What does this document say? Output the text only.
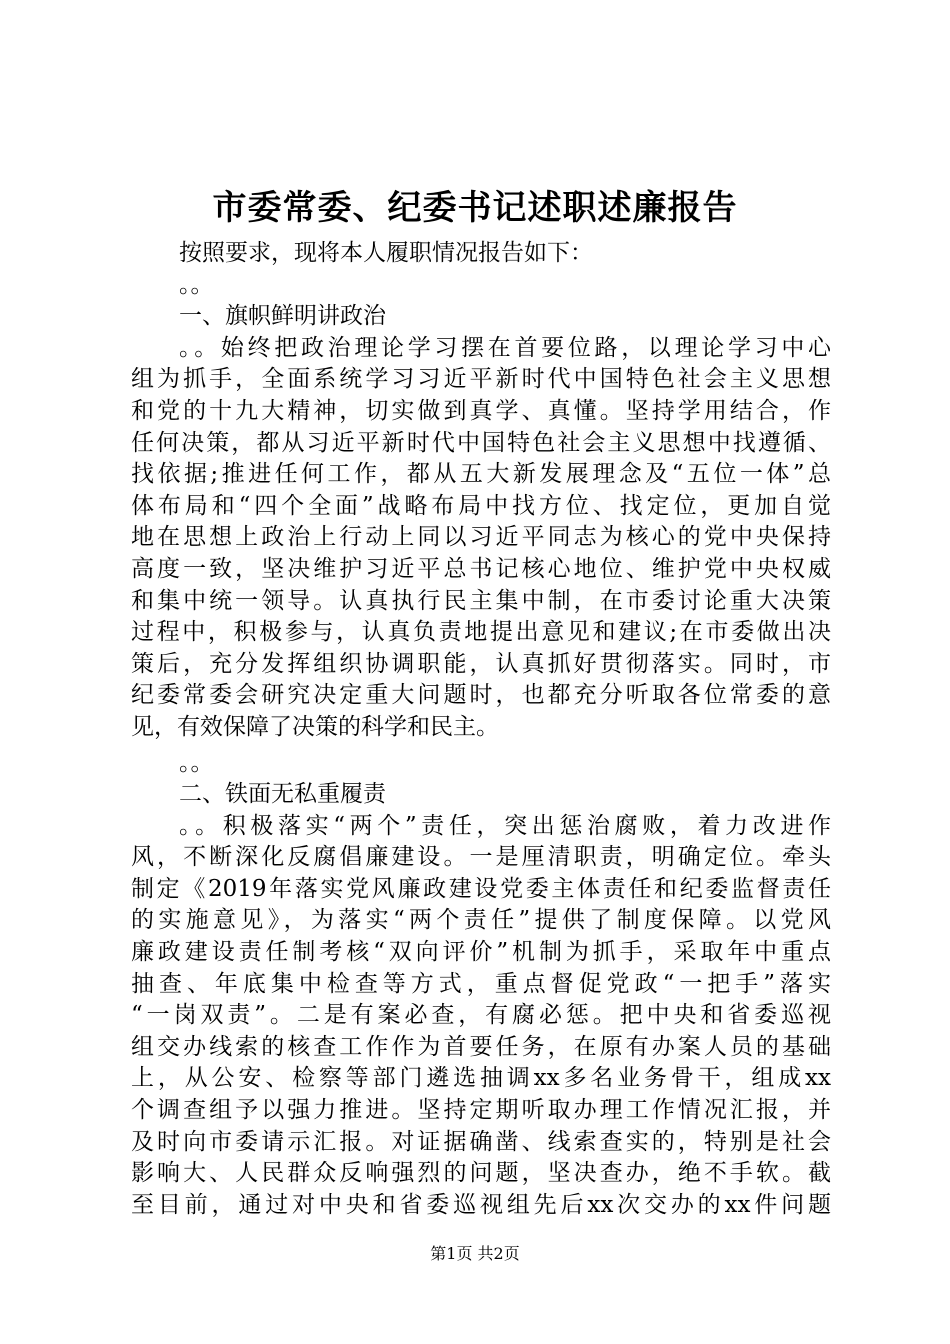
市委常委、纪委书记述职述廉报告
按照要求，现将本人履职情况报告如下：
。。
一、旗帜鲜明讲政治
。。始终把政治理论学习摆在首要位路，以理论学习中心
组为抓手，全面系统学习习近平新时代中国特色社会主义思想
和党的十九大精神，切实做到真学、真懂。坚持学用结合，作
任何决策，都从习近平新时代中国特色社会主义思想中找遵循、
找依据;推进任何工作，都从五大新发展理念及“五位一体”总
体布局和“四个全面”战略布局中找方位、找定位，更加自觉
地在思想上政治上行动上同以习近平同志为核心的党中央保持
高度一致，坚决维护习近平总书记核心地位、维护党中央权威
和集中统一领导。认真执行民主集中制，在市委讨论重大决策
过程中，积极参与，认真负责地提出意见和建议;在市委做出决
策后，充分发挥组织协调职能，认真抓好贯彻落实。同时，市
纪委常委会研究决定重大问题时，也都充分听取各位常委的意
见，有效保障了决策的科学和民主。
。。
二、铁面无私重履责
。。积极落实“两个”责任，突出惩治腐败，着力改进作
风，不断深化反腐倡廉建设。一是厘清职责，明确定位。牵头
制定《2019年落实党风廉政建设党委主体责任和纪委监督责任
的实施意见》，为落实“两个责任”提供了制度保障。以党风
廉政建设责任制考核“双向评价”机制为抓手，采取年中重点
抽查、年底集中检查等方式，重点督促党政“一把手”落实
“一岗双责”。二是有案必查，有腐必惩。把中央和省委巡视
组交办线索的核查工作作为首要任务，在原有办案人员的基础
上，从公安、检察等部门遴选抽调xx多名业务骨干，组成xx
个调查组予以强力推进。坚持定期听取办理工作情况汇报，并
及时向市委请示汇报。对证据确凿、线索查实的，特别是社会
影响大、人民群众反响强烈的问题，坚决查办，绝不手软。截
至目前，通过对中央和省委巡视组先后xx次交办的xx件问题
第1页 共2页
